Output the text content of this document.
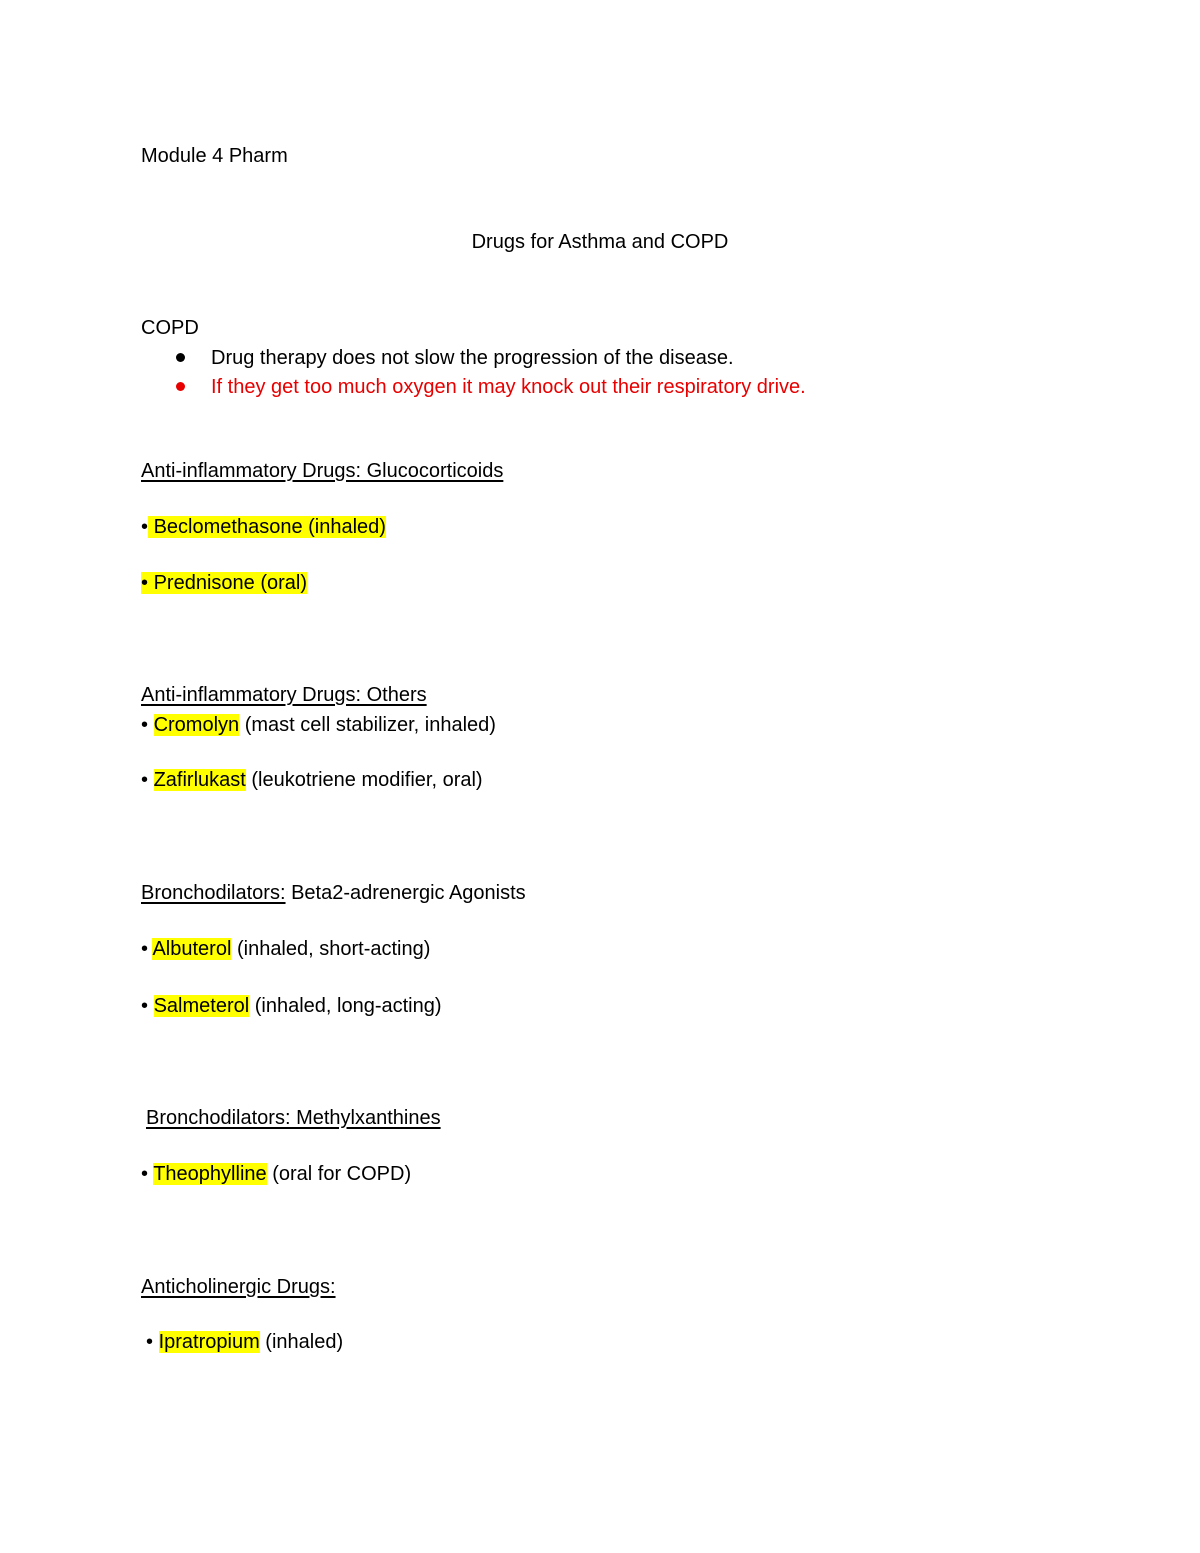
Module 4 Pharm
Drugs for Asthma and COPD
COPD
Drug therapy does not slow the progression of the disease.
If they get too much oxygen it may knock out their respiratory drive.
Anti-inflammatory Drugs: Glucocorticoids
• Beclomethasone (inhaled)
• Prednisone (oral)
Anti-inflammatory Drugs: Others
• Cromolyn (mast cell stabilizer, inhaled)
• Zafirlukast (leukotriene modifier, oral)
Bronchodilators: Beta2-adrenergic Agonists
• Albuterol (inhaled, short-acting)
• Salmeterol (inhaled, long-acting)
Bronchodilators: Methylxanthines
• Theophylline (oral for COPD)
Anticholinergic Drugs:
• Ipratropium (inhaled)
